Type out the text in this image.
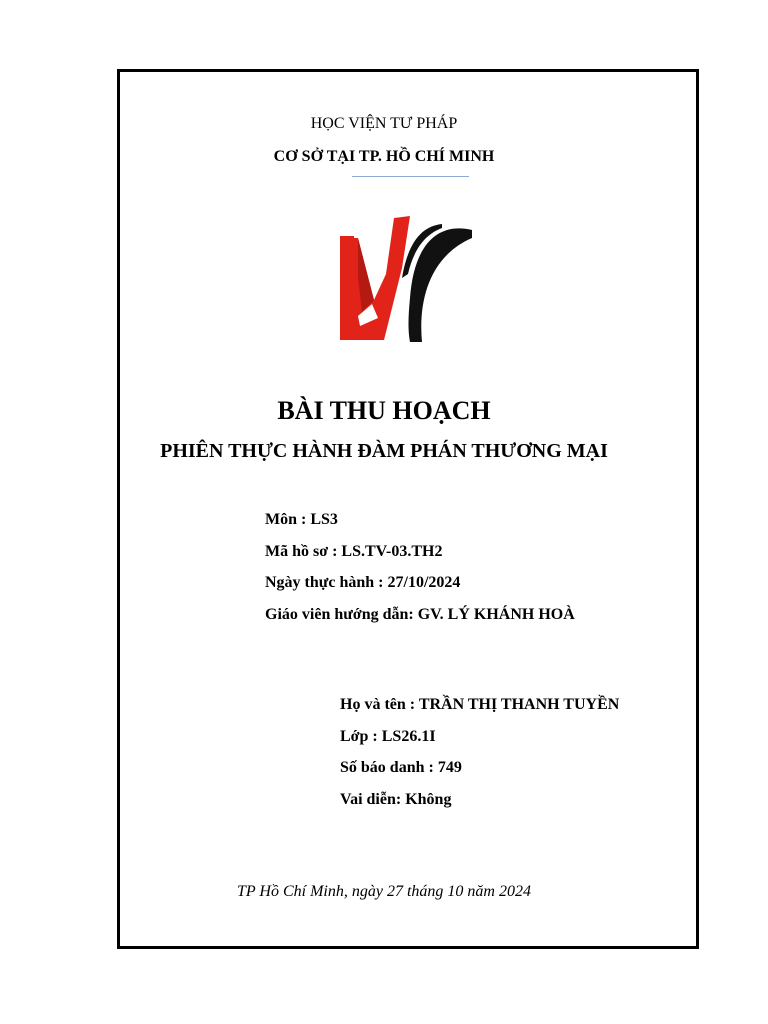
HỌC VIỆN TƯ PHÁP
CƠ SỞ TẠI TP. HỒ CHÍ MINH
BÀI THU HOẠCH
PHIÊN THỰC HÀNH ĐÀM PHÁN THƯƠNG MẠI
Môn : LS3
Mã hồ sơ : LS.TV-03.TH2
Ngày thực hành : 27/10/2024
Giáo viên hướng dẫn: GV. LÝ KHÁNH HOÀ
Họ và tên : TRẦN THỊ THANH TUYỀN
Lớp : LS26.1I
Số báo danh : 749
Vai diễn: Không
TP Hồ Chí Minh, ngày 27 tháng 10 năm 2024
